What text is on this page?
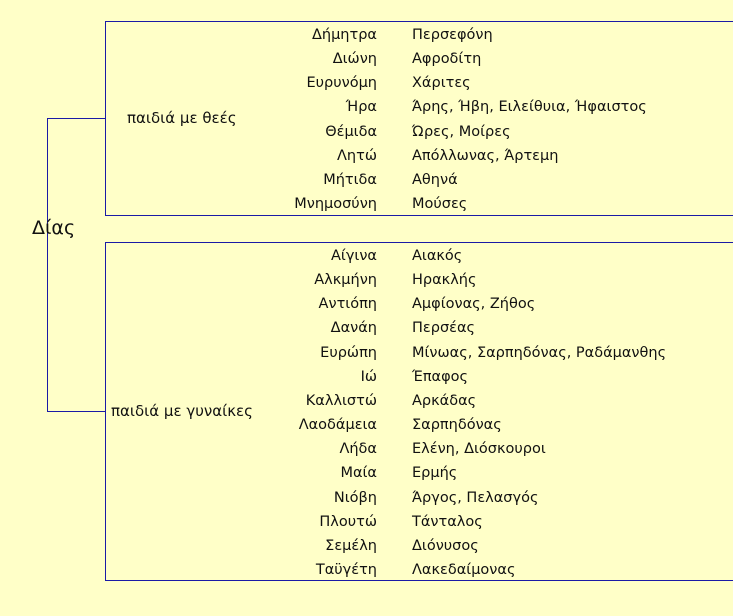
Δίας
παιδιά με θεές
παιδιά με γυναίκες
Δήμητρα Περσεφόνη
Διώνη Αφροδίτη
Ευρυνόμη Χάριτες
Ήρα Άρης, Ήβη, Ειλείθυια, Ήφαιστος
Θέμιδα Ώρες, Μοίρες
Λητώ Απόλλωνας, Άρτεμη
Μήτιδα Αθηνά
Μνημοσύνη Μούσες
Αίγινα Αιακός
Αλκμήνη Ηρακλής
Αντιόπη Αμφίονας, Ζήθος
Δανάη Περσέας
Ευρώπη Μίνωας, Σαρπηδόνας, Ραδάμανθης
Ιώ Έπαφος
Καλλιστώ Αρκάδας
Λαοδάμεια Σαρπηδόνας
Λήδα Ελένη, Διόσκουροι
Μαία Ερμής
Νιόβη Άργος, Πελασγός
Πλουτώ Τάνταλος
Σεμέλη Διόνυσος
Ταϋγέτη Λακεδαίμονας
